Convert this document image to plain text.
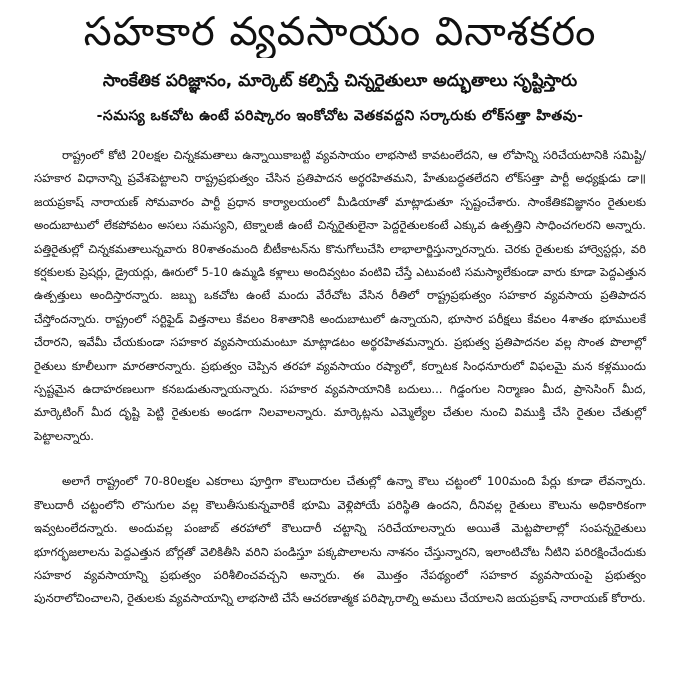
సహకార వ్యవసాయం వినాశకరం
సాంకేతిక పరిజ్ఞానం, మార్కెట్ కల్పిస్తే చిన్నరైతులూ అద్భుతాలు సృష్టిస్తారు
-సమస్య ఒకచోట ఉంటే పరిష్కారం ఇంకోచోట వెతకవద్దని సర్కారుకు లోక్‌సత్తా హితవు-

రాష్ట్రంలో కోటి 20లక్షల చిన్నకమతాలు ఉన్నాయికాబట్టి వ్యవసాయం లాభసాటి కావటంలేదని, ఆ లోపాన్ని సరిచేయటానికి సమిష్టి/ సహకార విధానాన్ని ప్రవేశపెట్టాలని రాష్ట్రప్రభుత్వం చేసిన ప్రతిపాదన అర్థరహితమని, హేతుబద్ధతలేదని లోక్‌సత్తా పార్టీ అధ్యక్షుడు డా॥ జయప్రకాష్ నారాయణ్ సోమవారం పార్టీ ప్రధాన కార్యాలయంలో మీడియాతో మాట్లాడుతూ స్పష్టంచేశారు. సాంకేతికవిజ్ఞానం రైతులకు అందుబాటులో లేకపోవటం అసలు సమస్యని, టెక్నాలజీ ఉంటే చిన్నరైతులైనా పెద్దరైతులకంటే ఎక్కువ ఉత్పత్తిని సాధించగలరని అన్నారు. పత్తిరైతుల్లో చిన్నకమతాలున్నవారు 80శాతంమంది బీటీకాటన్‌ను కొనుగోలుచేసి లాభాలార్జిస్తున్నారన్నారు. చెరకు రైతులకు హార్వెస్టర్లు, వరి కర్షకులకు ప్రెషర్లు, డ్రైయర్లు, ఊరులో 5-10 ఉమ్మడి కళ్లాలు అందివ్వటం వంటివి చేస్తే ఎటువంటి సమస్యాలేకుండా వారు కూడా పెద్దఎత్తున ఉత్పత్తులు అందిస్తారన్నారు. జబ్బు ఒకచోట ఉంటే మందు వేరేచోట వేసిన రీతిలో రాష్ట్రప్రభుత్వం సహకార వ్యవసాయ ప్రతిపాదన చేస్తోందన్నారు. రాష్ట్రంలో సర్టిఫైడ్ విత్తనాలు కేవలం 8శాతానికి అందుబాటులో ఉన్నాయని, భూసార పరీక్షలు కేవలం 4శాతం భూములకే చేరారని, ఇవేమీ చేయకుండా సహకార వ్యవసాయమంటూ మాట్లాడటం అర్థరహితమన్నారు. ప్రభుత్వ ప్రతిపాదనల వల్ల సొంత పొలాల్లో రైతులు కూలీలుగా మారతారన్నారు. ప్రభుత్వం చెప్పిన తరహా వ్యవసాయం రష్యాలో, కర్నాటక సింధనూరులో విఫలమై మన కళ్లముందు స్పష్టమైన ఉదాహరణలుగా కనబడుతున్నాయన్నారు. సహకార వ్యవసాయానికి బదులు... గిడ్డంగుల నిర్మాణం మీద, ప్రాసెసింగ్ మీద, మార్కెటింగ్ మీద దృష్టి పెట్టి రైతులకు అండగా నిలవాలన్నారు. మార్కెట్లను ఎమ్మెల్యేల చేతుల నుంచి విముక్తి చేసి రైతుల చేతుల్లో పెట్టాలన్నారు.

అలాగే రాష్ట్రంలో 70-80లక్షల ఎకరాలు పూర్తిగా కౌలుదారుల చేతుల్లో ఉన్నా కౌలు చట్టంలో 100మంది పేర్లు కూడా లేవన్నారు. కౌలుదారీ చట్టంలోని లొసుగుల వల్ల కౌలుతీసుకున్నవారికే భూమి వెళ్లిపోయే పరిస్థితి ఉందని, దీనివల్ల రైతులు కౌలును అధికారికంగా ఇవ్వటంలేదన్నారు. అందువల్ల పంజాబ్ తరహాలో కౌలుదారీ చట్టాన్ని సరిచేయాలన్నారు అయితే మెట్టపొలాల్లో సంపన్నరైతులు భూగర్భజలాలను పెద్దఎత్తున బోర్లతో వెలికితీసి వరిని పండిస్తూ పక్కపొలాలను నాశనం చేస్తున్నారని, ఇలాంటిచోట నీటిని పరిరక్షించేందుకు సహకార వ్యవసాయాన్ని ప్రభుత్వం పరిశీలించవచ్చని అన్నారు. ఈ మొత్తం నేపథ్యంలో సహకార వ్యవసాయంపై ప్రభుత్వం పునరాలోచించాలని, రైతులకు వ్యవసాయాన్ని లాభసాటి చేసే ఆచరణాత్మక పరిష్కారాల్ని అమలు చేయాలని జయప్రకాష్ నారాయణ్ కోరారు.
